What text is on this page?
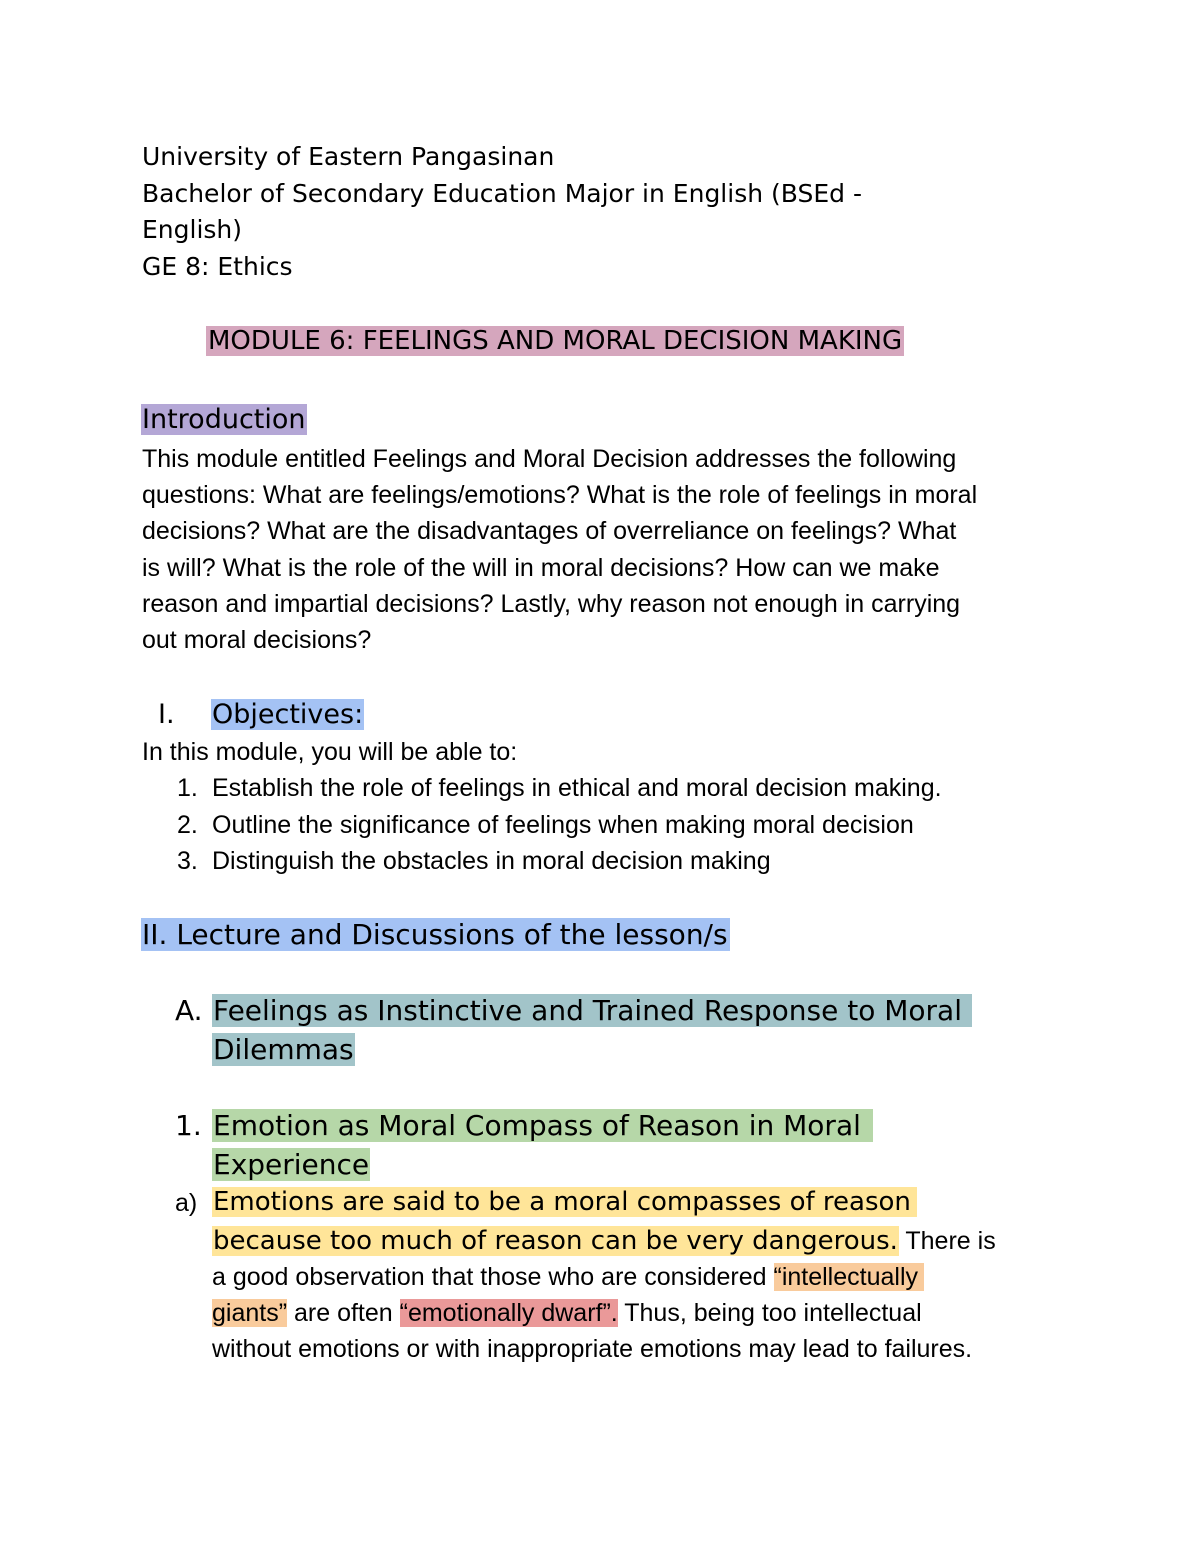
University of Eastern Pangasinan
Bachelor of Secondary Education Major in English (BSEd -
English)
GE 8: Ethics
MODULE 6: FEELINGS AND MORAL DECISION MAKING
Introduction
This module entitled Feelings and Moral Decision addresses the following
questions: What are feelings/emotions? What is the role of feelings in moral
decisions? What are the disadvantages of overreliance on feelings? What
is will? What is the role of the will in moral decisions? How can we make
reason and impartial decisions? Lastly, why reason not enough in carrying
out moral decisions?
I. Objectives:
In this module, you will be able to:
1. Establish the role of feelings in ethical and moral decision making.
2. Outline the significance of feelings when making moral decision
3. Distinguish the obstacles in moral decision making
II. Lecture and Discussions of the lesson/s
A. Feelings as Instinctive and Trained Response to Moral
Dilemmas
1. Emotion as Moral Compass of Reason in Moral
Experience
a) Emotions are said to be a moral compasses of reason
because too much of reason can be very dangerous. There is
a good observation that those who are considered “intellectually
giants” are often “emotionally dwarf”. Thus, being too intellectual
without emotions or with inappropriate emotions may lead to failures.
